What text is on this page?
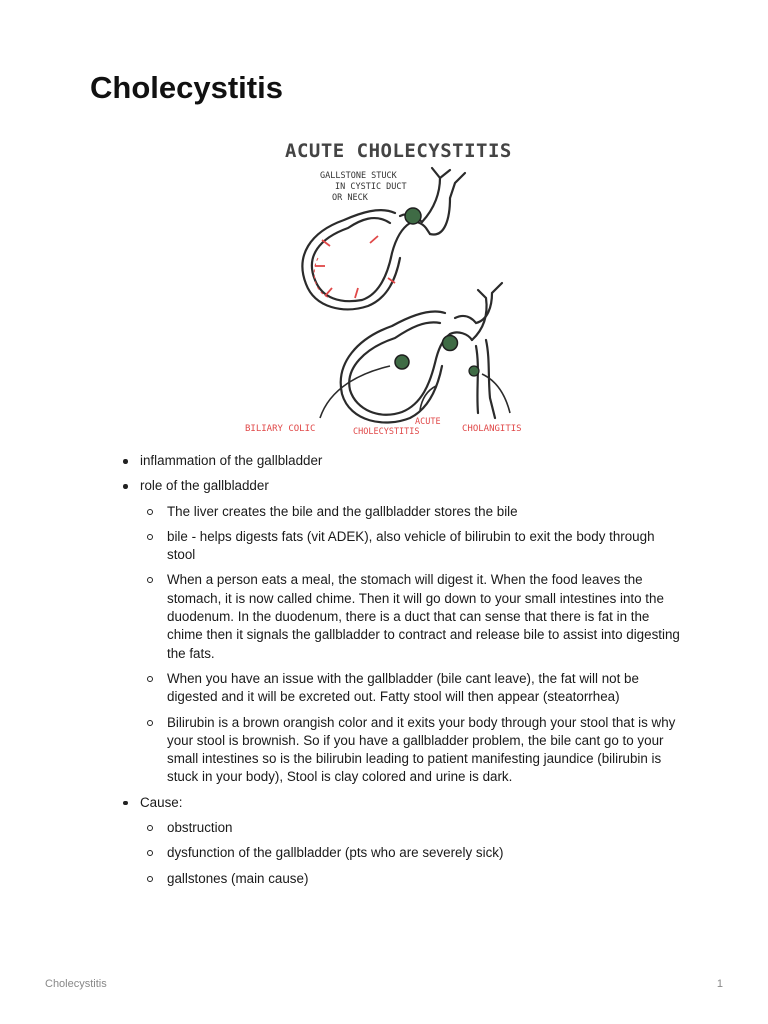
Cholecystitis
ACUTE CHOLECYSTITIS
GALLSTONE STUCK
IN CYSTIC DUCT
OR NECK
BILIARY COLIC
ACUTE
CHOLECYSTITIS	CHOLANGITIS
inflammation of the gallbladder
role of the gallbladder
The liver creates the bile and the gallbladder stores the bile
bile - helps digests fats (vit ADEK), also vehicle of bilirubin to exit the body through stool
When a person eats a meal, the stomach will digest it. When the food leaves the stomach, it is now called chime. Then it will go down to your small intestines into the duodenum. In the duodenum, there is a duct that can sense that there is fat in the chime then it signals the gallbladder to contract and release bile to assist into digesting the fats.
When you have an issue with the gallbladder (bile cant leave), the fat will not be digested and it will be excreted out. Fatty stool will then appear (steatorrhea)
Bilirubin is a brown orangish color and it exits your body through your stool that is why your stool is brownish. So if you have a gallbladder problem, the bile cant go to your small intestines so is the bilirubin leading to patient manifesting jaundice (bilirubin is stuck in your body), Stool is clay colored and urine is dark.
Cause:
obstruction
dysfunction of the gallbladder (pts who are severely sick)
gallstones (main cause)
Cholecystitis	1
